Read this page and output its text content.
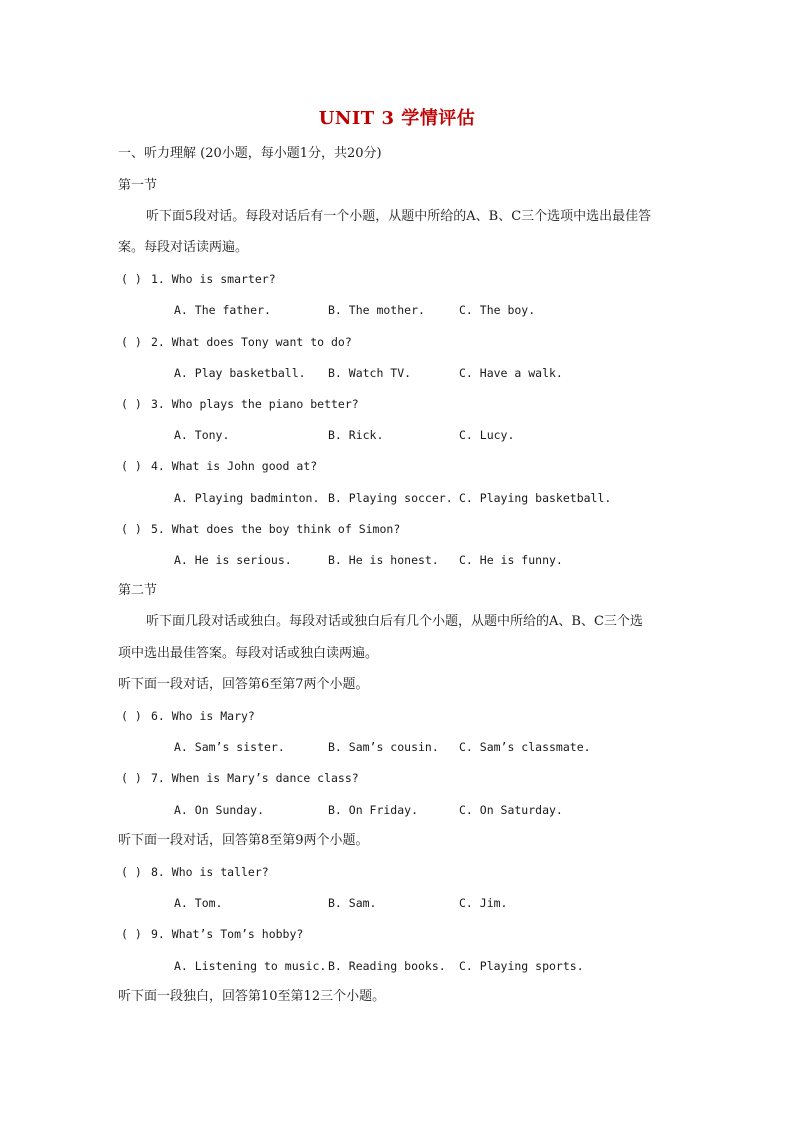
UNIT 3 学情评估
一、听力理解 (20小题，每小题1分，共20分)
第一节
听下面5段对话。每段对话后有一个小题，从题中所给的A、B、C三个选项中选出最佳答
案。每段对话读两遍。
( ) 1. Who is smarter?
A. The father.	B. The mother.	C. The boy.
( ) 2. What does Tony want to do?
A. Play basketball. B. Watch TV.	C. Have a walk.
( ) 3. Who plays the piano better?
A. Tony.	B. Rick.	C. Lucy.
( ) 4. What is John good at?
A. Playing badminton. B. Playing soccer. C. Playing basketball.
( ) 5. What does the boy think of Simon?
A. He is serious.	B. He is honest. C. He is funny.
第二节
听下面几段对话或独白。每段对话或独白后有几个小题，从题中所给的A、B、C三个选
项中选出最佳答案。每段对话或独白读两遍。
听下面一段对话，回答第6至第7两个小题。
( ) 6. Who is Mary?
A. Sam’s sister.	B. Sam’s cousin. C. Sam’s classmate.
( ) 7. When is Mary’s dance class?
A. On Sunday.	B. On Friday.	C. On Saturday.
听下面一段对话，回答第8至第9两个小题。
( ) 8. Who is taller?
A. Tom.	B. Sam.	C. Jim.
( ) 9. What’s Tom’s hobby?
A. Listening to music. B. Reading books. C. Playing sports.
听下面一段独白，回答第10至第12三个小题。
